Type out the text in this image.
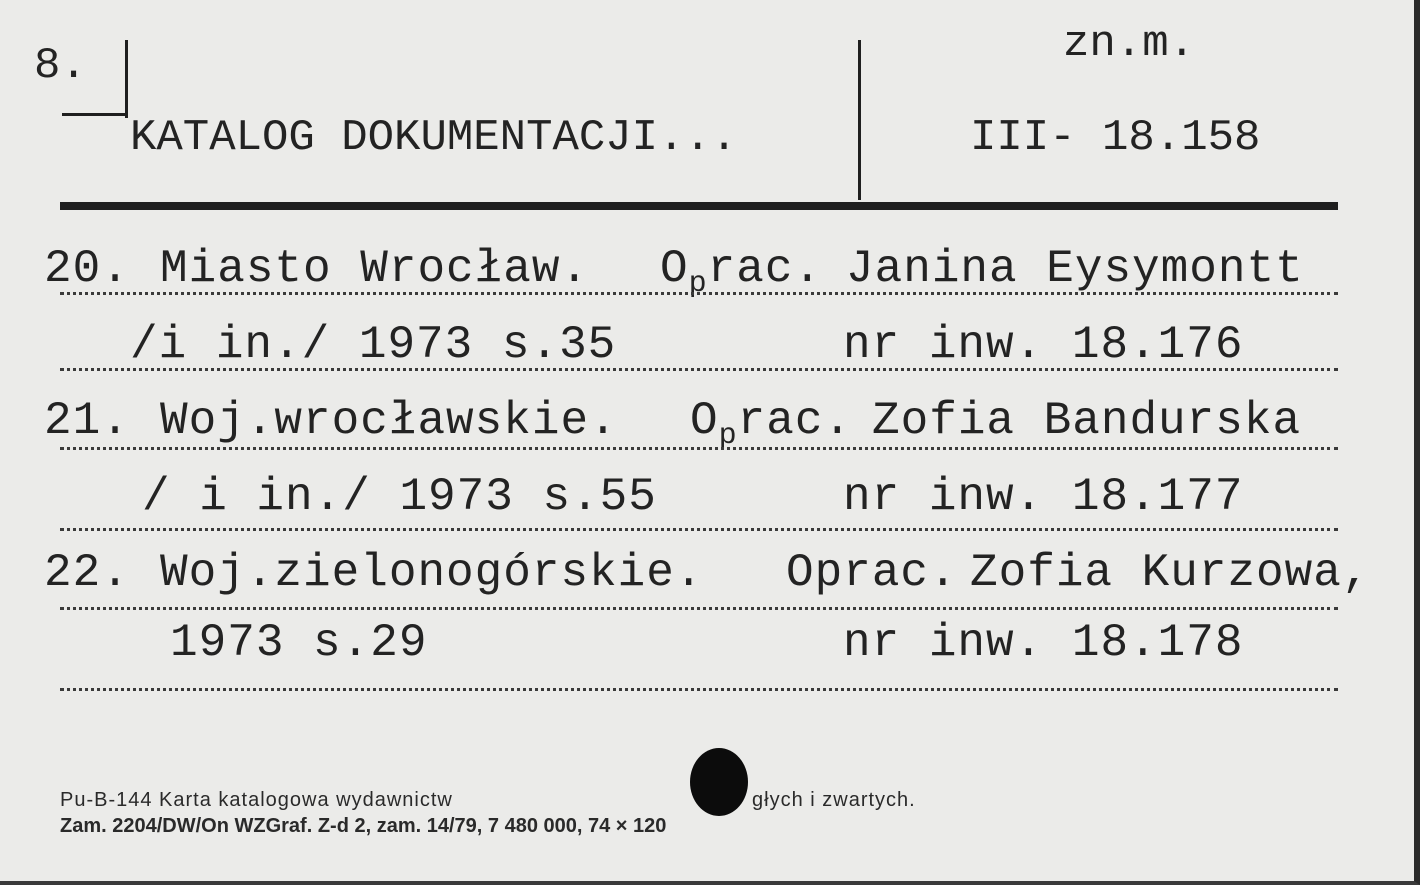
8.
KATALOG DOKUMENTACJI...
zn.m.
III- 18.158
20. Miasto Wrocław. $O_prac$. Janina Eysymontt
/i in./ 1973 s.35	nr inw. 18.176
21. Woj.wrocławskie. $O_prac$. Zofia Bandurska
/ i in./ 1973 s.55	nr inw. 18.177
22. Woj.zielonogórskie. Oprac. Zofia Kurzowa,
1973 s.29	nr inw. 18.178
Pu-B-144 Karta katalogowa wydawnictw	głych i zwartych.
Zam. 2204/DW/On WZGraf. Z-d 2, zam. 14/79, 7 480 000, 74 × 120
